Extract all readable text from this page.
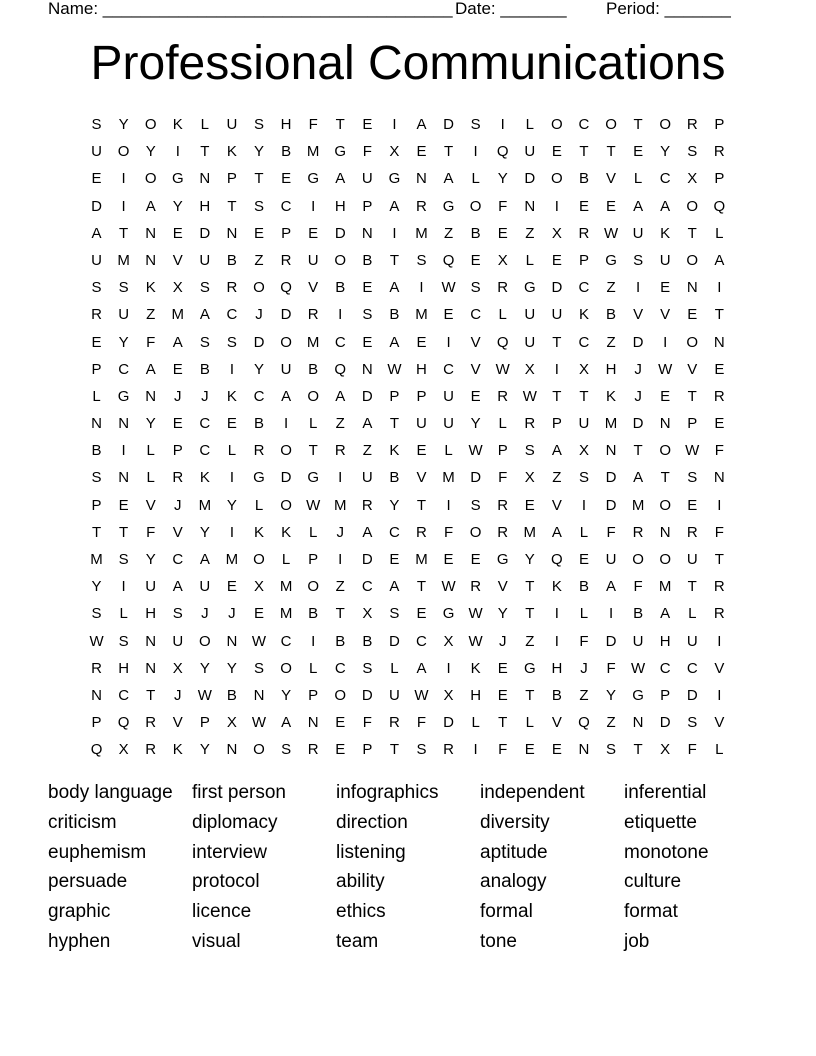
Name: _____________________________________ Date: _______ Period: _______
Professional Communications
S	Y	O	K	L	U	S	H	F	T	E	I	A	D	S	I	L	O	C	O	T	O	R	P
U	O	Y	I	T	K	Y	B	M	G	F	X	E	T	I	Q	U	E	T	T	E	Y	S	R
E	I	O	G	N	P	T	E	G	A	U	G	N	A	L	Y	D	O	B	V	L	C	X	P
D	I	A	Y	H	T	S	C	I	H	P	A	R	G	O	F	N	I	E	E	A	A	O	Q
A	T	N	E	D	N	E	P	E	D	N	I	M	Z	B	E	Z	X	R W U	K	T	L
U	M	N	V	U	B	Z	R	U	O	B	T	S	Q	E	X	L	E	P	G	S	U	O	A
S	S	K	X	S	R	O	Q	V	B	E	A	I	W S	R	G	D	C	Z	I	E	N	I
R	U	Z	M	A	C	J	D	R	I	S	B	M	E	C	L	U	U	K	B	V	V	E	T
E	Y	F	A	S	S	D	O M	C	E	A	E	I	V	Q	U	T	C	Z	D	I	O	N
P	C	A	E	B	I	Y	U	B	Q	N W H	C	V W X	I	X	H	J	W V	E
L	G	N	J	J	K	C	A	O	A	D	P	P	U	E	R W	T	T	K	J	E	T	R
N	N	Y	E	C	E	B	I	L	Z	A	T	U	U	Y	L	R	P	U	M	D	N	P	E
B	I	L	P	C	L	R	O	T	R	Z	K	E	L	W P	S	A	X	N	T	O W	F
S	N	L	R	K	I	G	D	G	I	U	B	V	M	D	F	X	Z	S	D	A	T	S	N
P	E	V	J	M	Y	L	O W M	R	Y	T	I	S	R	E	V	I	D	M	O	E	I
T	T	F	V	Y	I	K	K	L	J	A	C	R	F	O	R	M	A	L	F	R	N	R	F
M	S	Y	C	A	M	O	L	P	I	D	E	M	E	E	G	Y	Q	E	U	O	O	U	T
Y	I	U	A	U	E	X	M	O	Z	C	A	T	W R	V	T	K	B	A	F	M	T	R
S	L	H	S	J	J	E	M	B	T	X	S	E	G W Y	T	I	L	I	B	A	L	R
W S	N	U	O	N W C	I	B	B	D	C	X W	J	Z	I	F	D	U	H	U	I
R	H	N	X	Y	Y	S	O	L	C	S	L	A	I	K	E	G	H	J	F	W C	C	V
N	C	T	J	W B	N	Y	P	O	D	U W X	H	E	T	B	Z	Y	G	P	D	I
P	Q	R	V	P	X W A	N	E	F	R	F	D	L	T	L	V	Q	Z	N	D	S	V
Q	X	R	K	Y	N	O	S	R	E	P	T	S	R	I	F	E	E	N	S	T	X	F	L
body language	first person	infographics	independent	inferential
criticism	diplomacy	direction	diversity	etiquette
euphemism	interview	listening	aptitude	monotone
persuade	protocol	ability	analogy	culture
graphic	licence	ethics	formal	format
hyphen	visual	team	tone	job
